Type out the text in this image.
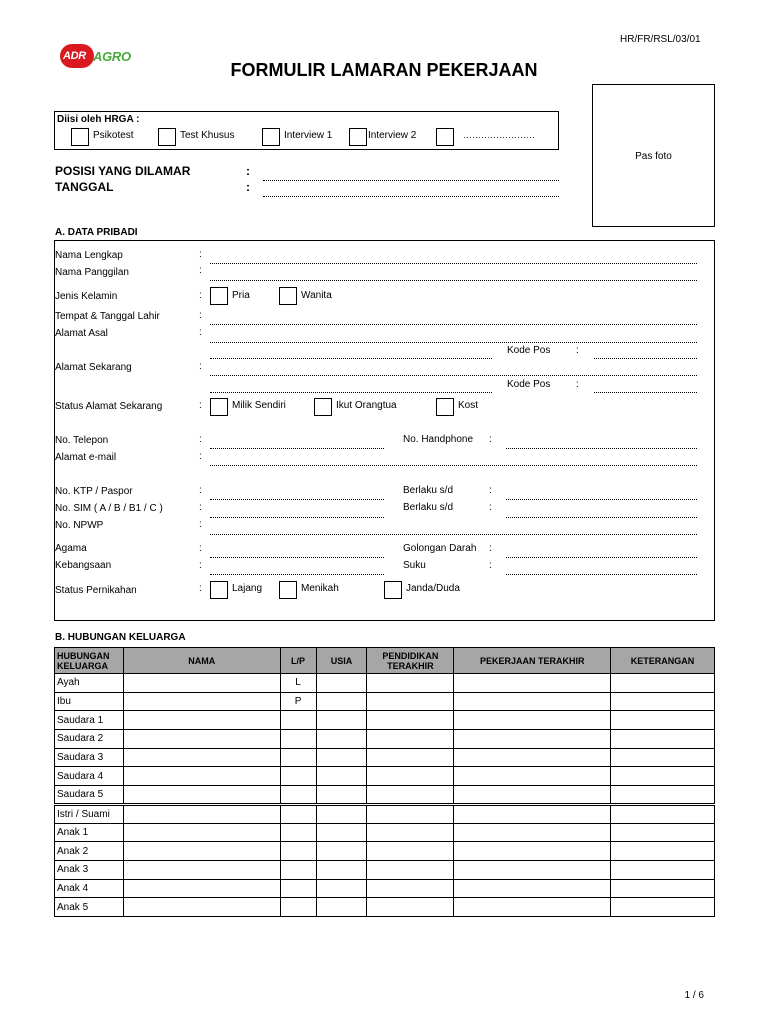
ADR AGRO
HR/FR/RSL/03/01
FORMULIR LAMARAN PEKERJAAN
Pas foto
Diisi oleh HRGA :
Psikotest	Test Khusus	Interview 1	Interview 2	……………………
POSISI YANG DILAMAR	:
TANGGAL	:
A. DATA PRIBADI
Nama Lengkap	:
Nama Panggilan	:
Jenis Kelamin	:	Pria	Wanita
Tempat & Tanggal Lahir	:
Alamat Asal	:
Kode Pos	:
Alamat Sekarang	:
Kode Pos	:
Status Alamat Sekarang	:	Milik Sendiri	Ikut Orangtua	Kost
No. Telepon	:	No. Handphone :
Alamat e-mail	:
No. KTP / Paspor	:	Berlaku s/d	:
No. SIM ( A / B / B1 / C )	:	Berlaku s/d	:
No. NPWP	:
Agama	:	Golongan Darah :
Kebangsaan	:	Suku	:
Status Pernikahan	:	Lajang	Menikah	Janda/Duda
B. HUBUNGAN KELUARGA
HUBUNGAN KELUARGA	NAMA	L/P	USIA	PENDIDIKAN TERAKHIR	PEKERJAAN TERAKHIR	KETERANGAN
Ayah		L				
Ibu		P				
Saudara 1						
Saudara 2						
Saudara 3						
Saudara 4						
Saudara 5						
Istri / Suami						
Anak 1						
Anak 2						
Anak 3						
Anak 4						
Anak 5						
1 / 6
